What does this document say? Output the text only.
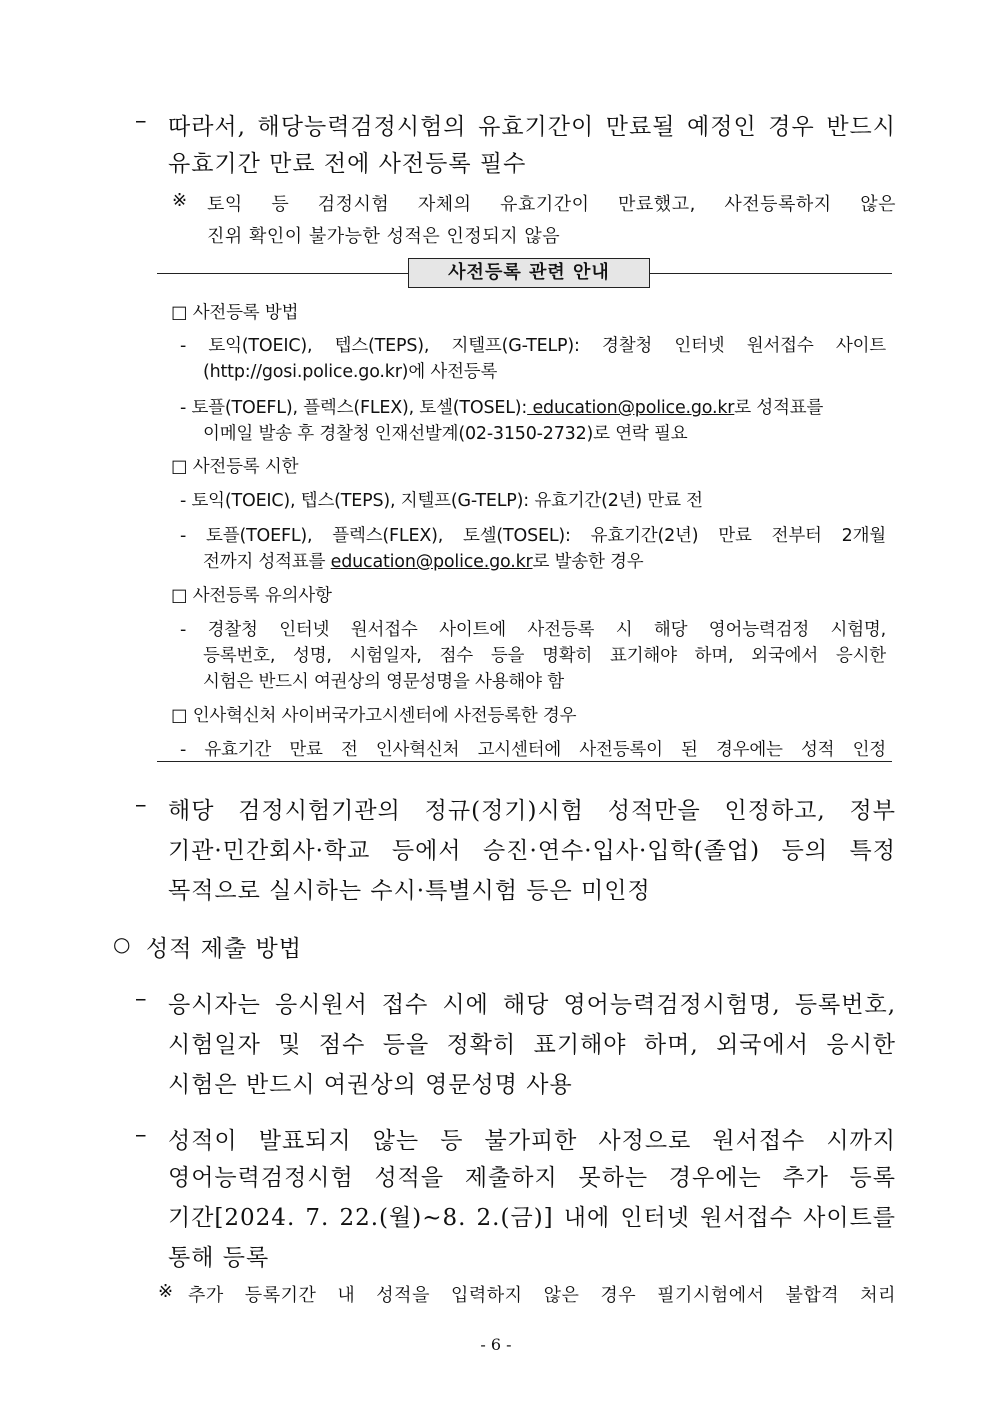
– 따라서, 해당능력검정시험의 유효기간이 만료될 예정인 경우 반드시
유효기간 만료 전에 사전등록 필수
※ 토익 등 검정시험 자체의 유효기간이 만료했고, 사전등록하지 않은
진위 확인이 불가능한 성적은 인정되지 않음
사전등록 관련 안내
□ 사전등록 방법
- 토익(TOEIC), 텝스(TEPS), 지텔프(G-TELP): 경찰청 인터넷 원서접수 사이트
(http://gosi.police.go.kr)에 사전등록
- 토플(TOEFL), 플렉스(FLEX), 토셀(TOSEL): education@police.go.kr로 성적표를
이메일 발송 후 경찰청 인재선발계(02-3150-2732)로 연락 필요
□ 사전등록 시한
- 토익(TOEIC), 텝스(TEPS), 지텔프(G-TELP): 유효기간(2년) 만료 전
- 토플(TOEFL), 플렉스(FLEX), 토셀(TOSEL): 유효기간(2년) 만료 전부터 2개월
전까지 성적표를 education@police.go.kr로 발송한 경우
□ 사전등록 유의사항
- 경찰청 인터넷 원서접수 사이트에 사전등록 시 해당 영어능력검정 시험명,
등록번호, 성명, 시험일자, 점수 등을 명확히 표기해야 하며, 외국에서 응시한
시험은 반드시 여권상의 영문성명을 사용해야 함
□ 인사혁신처 사이버국가고시센터에 사전등록한 경우
- 유효기간 만료 전 인사혁신처 고시센터에 사전등록이 된 경우에는 성적 인정
– 해당 검정시험기관의 정규(정기)시험 성적만을 인정하고, 정부
기관·민간회사·학교 등에서 승진·연수·입사·입학(졸업) 등의 특정
목적으로 실시하는 수시·특별시험 등은 미인정
○ 성적 제출 방법
– 응시자는 응시원서 접수 시에 해당 영어능력검정시험명, 등록번호,
시험일자 및 점수 등을 정확히 표기해야 하며, 외국에서 응시한
시험은 반드시 여권상의 영문성명 사용
– 성적이 발표되지 않는 등 불가피한 사정으로 원서접수 시까지
영어능력검정시험 성적을 제출하지 못하는 경우에는 추가 등록
기간[2024. 7. 22.(월)∼8. 2.(금)] 내에 인터넷 원서접수 사이트를
통해 등록
※ 추가 등록기간 내 성적을 입력하지 않은 경우 필기시험에서 불합격 처리
- 6 -
